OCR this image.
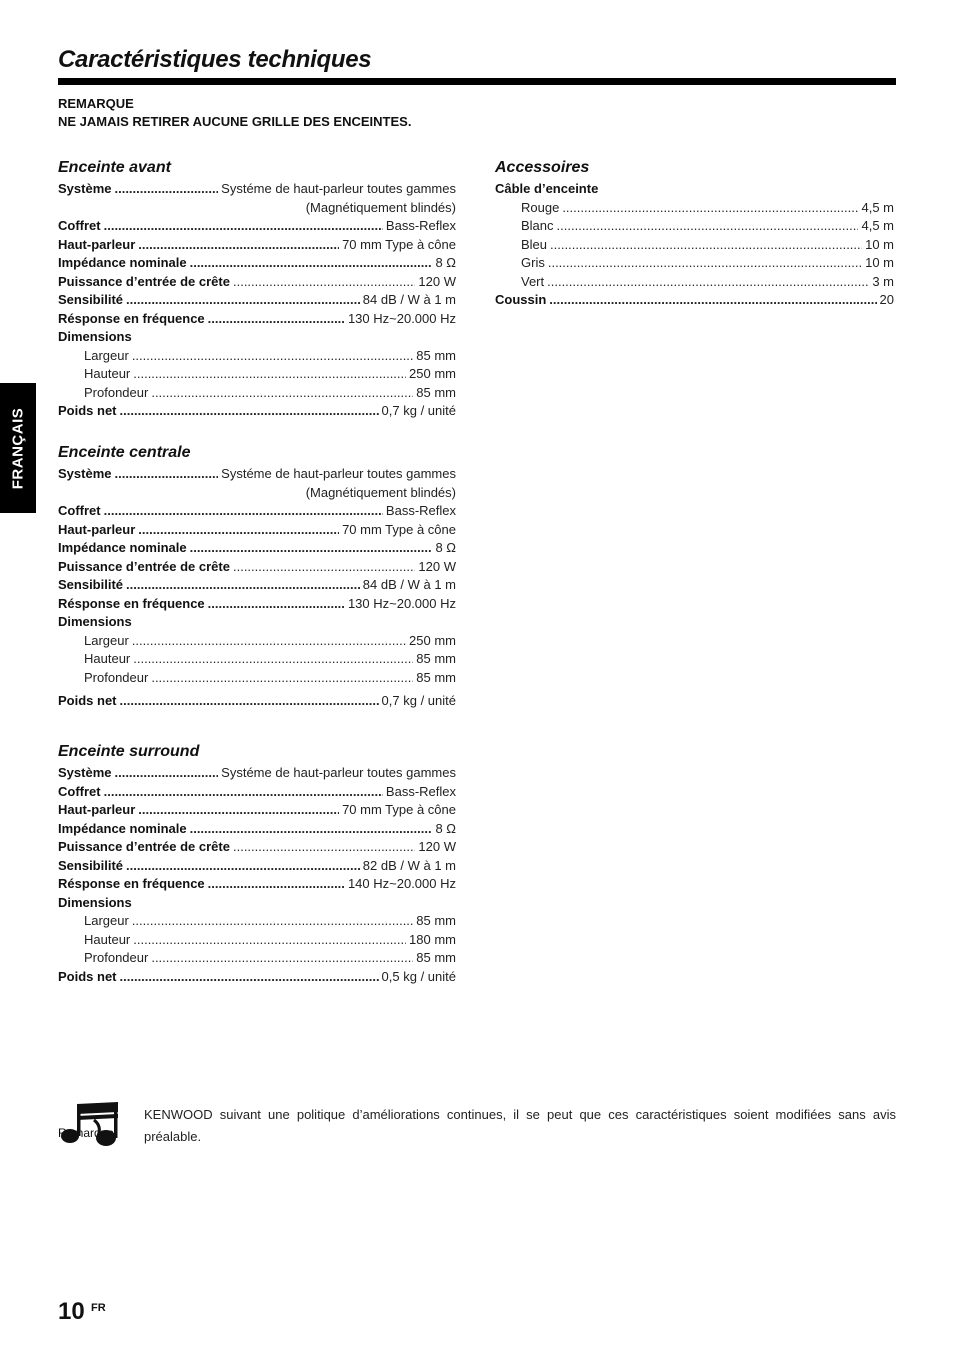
Caractéristiques techniques
REMARQUE
NE JAMAIS RETIRER AUCUNE GRILLE DES ENCEINTES.
FRANÇAIS
Enceinte avant
Système .....	Systéme de haut-parleur toutes gammes
(Magnétiquement blindés)
Coffret .....	Bass-Reflex
Haut-parleur .....	70 mm Type à cône
Impédance nominale .....	8 Ω
Puissance d’entrée de crête .....	120 W
Sensibilité .....	84 dB / W à 1 m
Résponse en fréquence .....	130 Hz~20.000 Hz
Dimensions
Largeur .....	85 mm
Hauteur .....	250 mm
Profondeur .....	85 mm
Poids net .....	0,7 kg / unité
Enceinte centrale
Système .....	Systéme de haut-parleur toutes gammes
(Magnétiquement blindés)
Coffret .....	Bass-Reflex
Haut-parleur .....	70 mm Type à cône
Impédance nominale .....	8 Ω
Puissance d’entrée de crête .....	120 W
Sensibilité .....	84 dB / W à 1 m
Résponse en fréquence .....	130 Hz~20.000 Hz
Dimensions
Largeur .....	250 mm
Hauteur .....	85 mm
Profondeur .....	85 mm
Poids net .....	0,7 kg / unité
Enceinte surround
Système .....	Systéme de haut-parleur toutes gammes
Coffret .....	Bass-Reflex
Haut-parleur .....	70 mm Type à cône
Impédance nominale .....	8 Ω
Puissance d’entrée de crête .....	120 W
Sensibilité .....	82 dB / W à 1 m
Résponse en fréquence .....	140 Hz~20.000 Hz
Dimensions
Largeur .....	85 mm
Hauteur .....	180 mm
Profondeur .....	85 mm
Poids net .....	0,5 kg / unité
Accessoires
Câble d’enceinte
Rouge .....	4,5 m
Blanc .....	4,5 m
Bleu .....	10 m
Gris .....	10 m
Vert .....	3 m
Coussin .....	20
Remarque
KENWOOD suivant une politique d’améliorations continues, il se peut que ces caractéristiques soient modifiées sans avis préalable.
10 FR
